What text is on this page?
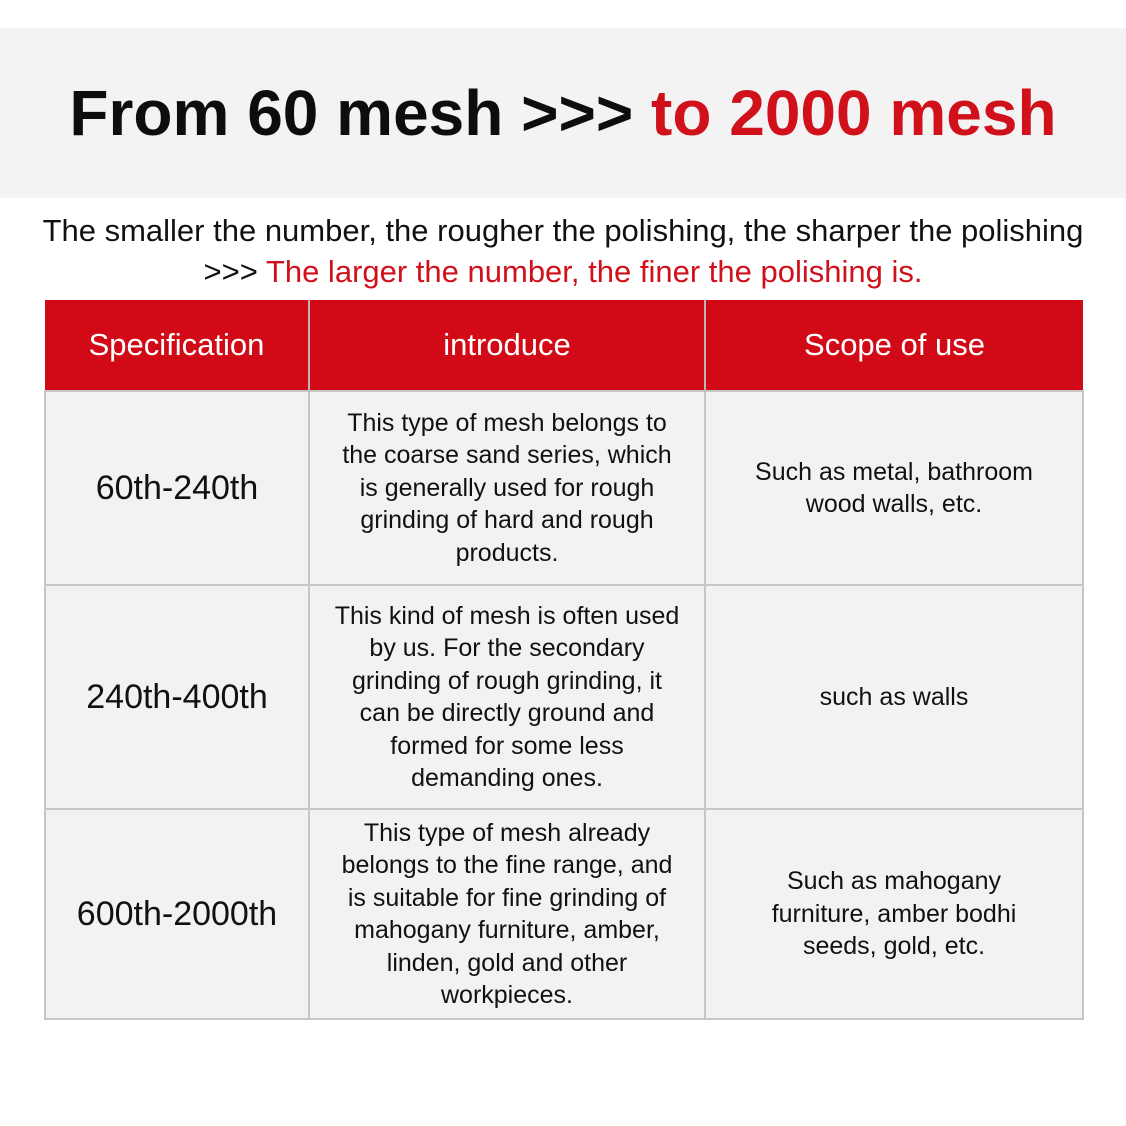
From 60 mesh >>> to 2000 mesh
The smaller the number, the rougher the polishing, the sharper the polishing >>> The larger the number, the finer the polishing is.
Specification	introduce	Scope of use
60th-240th	This type of mesh belongs to the coarse sand series, which is generally used for rough grinding of hard and rough products.	Such as metal, bathroom wood walls, etc.
240th-400th	This kind of mesh is often used by us. For the secondary grinding of rough grinding, it can be directly ground and formed for some less demanding ones.	such as walls
600th-2000th	This type of mesh already belongs to the fine range, and is suitable for fine grinding of mahogany furniture, amber, linden, gold and other workpieces.	Such as mahogany furniture, amber bodhi seeds, gold, etc.
